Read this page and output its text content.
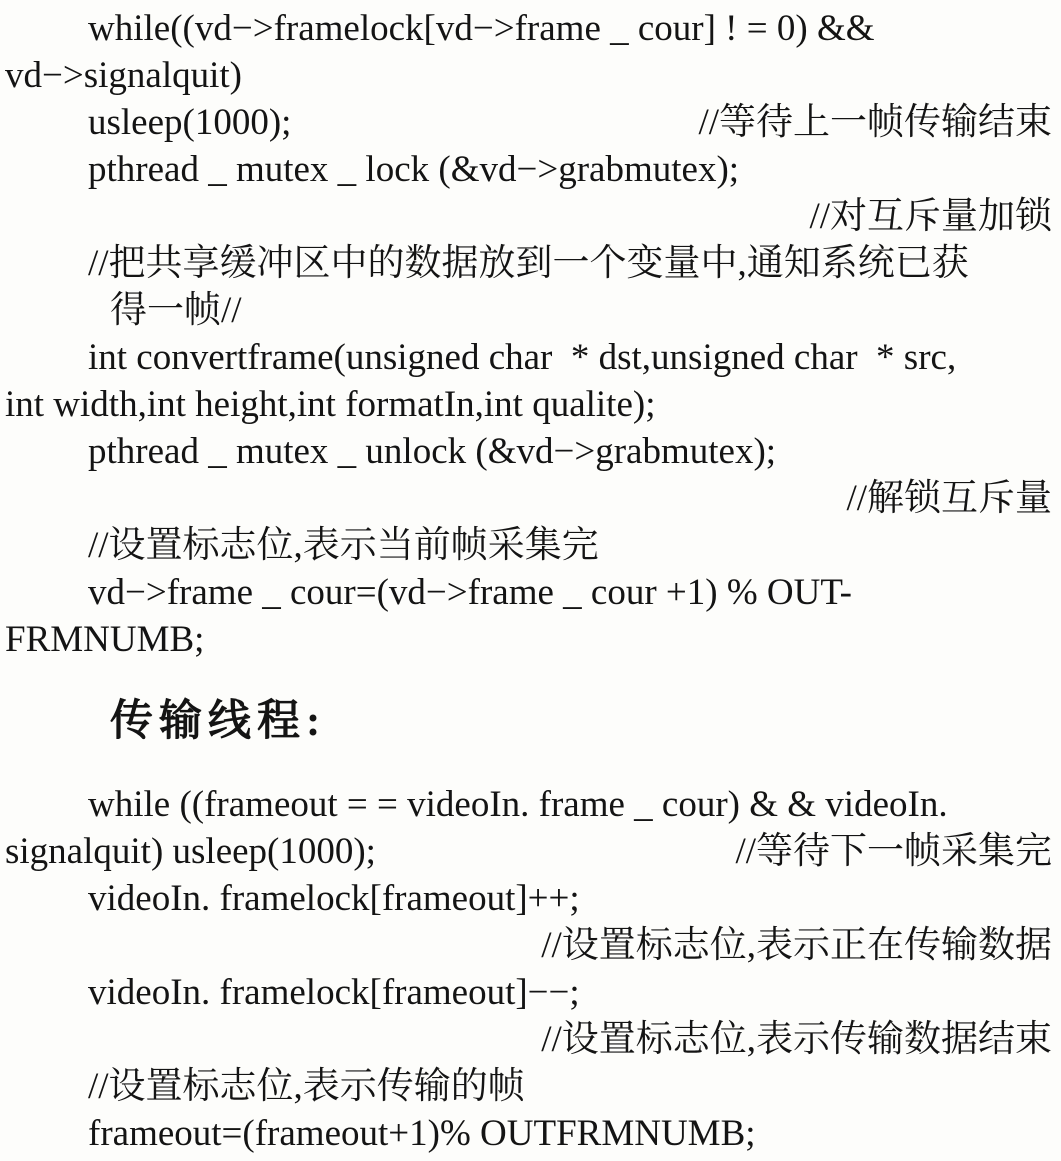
while((vd−>framelock[vd−>frame _ cour] ! = 0) &&
vd−>signalquit)
usleep(1000);	//等待上一帧传输结束
pthread _ mutex _ lock (&vd−>grabmutex);
//对互斥量加锁
//把共享缓冲区中的数据放到一个变量中,通知系统已获
得一帧//
int convertframe(unsigned char  * dst,unsigned char  * src,
int width,int height,int formatIn,int qualite);
pthread _ mutex _ unlock (&vd−>grabmutex);
//解锁互斥量
//设置标志位,表示当前帧采集完
vd−>frame _ cour=(vd−>frame _ cour +1) % OUT-
FRMNUMB;
传输线程:
while ((frameout = = videoIn. frame _ cour) & & videoIn.
signalquit) usleep(1000);	//等待下一帧采集完
videoIn. framelock[frameout]++;
//设置标志位,表示正在传输数据
videoIn. framelock[frameout]−−;
//设置标志位,表示传输数据结束
//设置标志位,表示传输的帧
frameout=(frameout+1)% OUTFRMNUMB;
